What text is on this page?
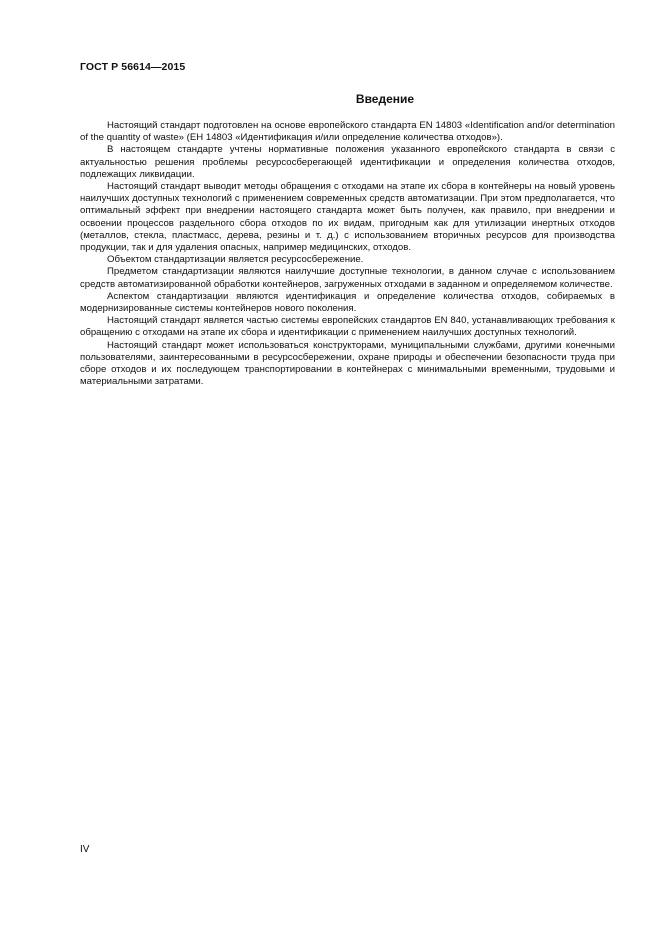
ГОСТ Р 56614—2015
Введение

Настоящий стандарт подготовлен на основе европейского стандарта EN 14803 «Identification and/or determination of the quantity of waste» (ЕН 14803 «Идентификация и/или определение количества отходов»).

В настоящем стандарте учтены нормативные положения указанного европейского стандарта в связи с актуальностью решения проблемы ресурсосберегающей идентификации и определения количества отходов, подлежащих ликвидации.

Настоящий стандарт выводит методы обращения с отходами на этапе их сбора в контейнеры на новый уровень наилучших доступных технологий с применением современных средств автоматизации. При этом предполагается, что оптимальный эффект при внедрении настоящего стандарта может быть получен, как правило, при внедрении и освоении процессов раздельного сбора отходов по их видам, пригодным как для утилизации инертных отходов (металлов, стекла, пластмасс, дерева, резины и т. д.) с использованием вторичных ресурсов для производства продукции, так и для удаления опасных, например медицинских, отходов.

Объектом стандартизации является ресурсосбережение.

Предметом стандартизации являются наилучшие доступные технологии, в данном случае с использованием средств автоматизированной обработки контейнеров, загруженных отходами в заданном и определяемом количестве.

Аспектом стандартизации являются идентификация и определение количества отходов, собираемых в модернизированные системы контейнеров нового поколения.

Настоящий стандарт является частью системы европейских стандартов EN 840, устанавливающих требования к обращению с отходами на этапе их сбора и идентификации с применением наилучших доступных технологий.

Настоящий стандарт может использоваться конструкторами, муниципальными службами, другими конечными пользователями, заинтересованными в ресурсосбережении, охране природы и обеспечении безопасности труда при сборе отходов и их последующем транспортировании в контейнерах с минимальными временными, трудовыми и материальными затратами.

IV
